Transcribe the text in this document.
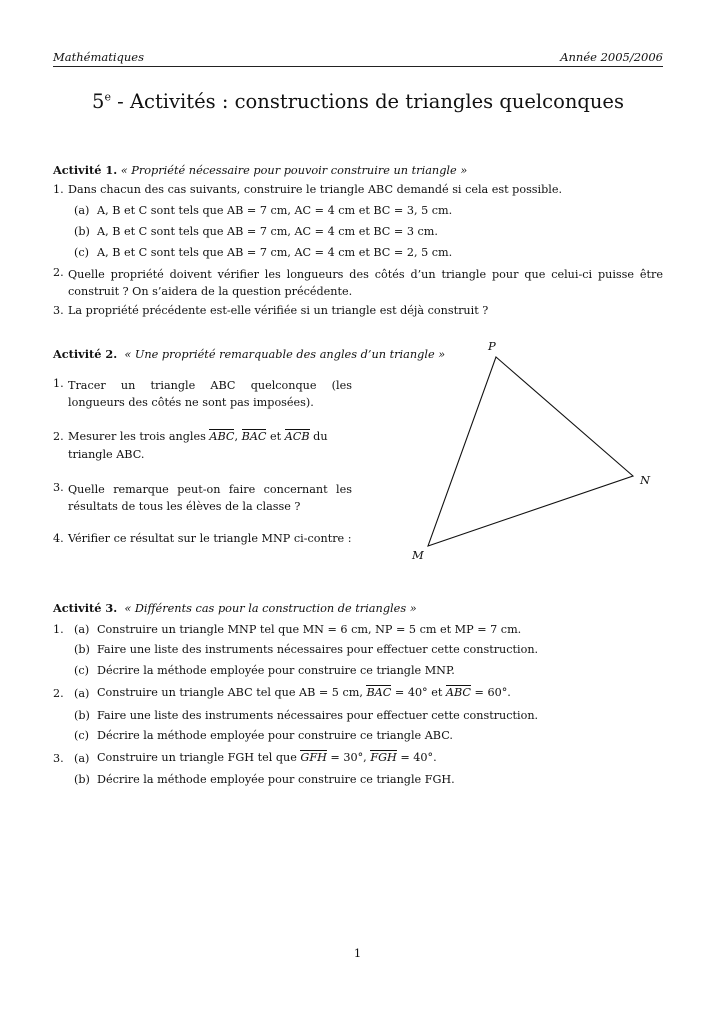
Mathématiques	Année 2005/2006
5e - Activités : constructions de triangles quelconques
Activité 1. « Propriété nécessaire pour pouvoir construire un triangle »
1. Dans chacun des cas suivants, construire le triangle ABC demandé si cela est possible.
(a) A, B et C sont tels que AB = 7 cm, AC = 4 cm et BC = 3, 5 cm.
(b) A, B et C sont tels que AB = 7 cm, AC = 4 cm et BC = 3 cm.
(c) A, B et C sont tels que AB = 7 cm, AC = 4 cm et BC = 2, 5 cm.
2. Quelle propriété doivent vérifier les longueurs des côtés d’un triangle pour que celui-ci puisse être construit ? On s’aidera de la question précédente.
3. La propriété précédente est-elle vérifiée si un triangle est déjà construit ?
Activité 2. « Une propriété remarquable des angles d’un triangle »
1. Tracer un triangle ABC quelconque (les longueurs des côtés ne sont pas imposées).
2. Mesurer les trois angles ABC, BAC et ACB du triangle ABC.
3. Quelle remarque peut-on faire concernant les résultats de tous les élèves de la classe ?
4. Vérifier ce résultat sur le triangle MNP ci-contre :
P
N
M
Activité 3. « Différents cas pour la construction de triangles »
1. (a) Construire un triangle MNP tel que MN = 6 cm, NP = 5 cm et MP = 7 cm.
(b) Faire une liste des instruments nécessaires pour effectuer cette construction.
(c) Décrire la méthode employée pour construire ce triangle MNP.
2. (a) Construire un triangle ABC tel que AB = 5 cm, BAC = 40° et ABC = 60°.
(b) Faire une liste des instruments nécessaires pour effectuer cette construction.
(c) Décrire la méthode employée pour construire ce triangle ABC.
3. (a) Construire un triangle FGH tel que GFH = 30°, FGH = 40°.
(b) Décrire la méthode employée pour construire ce triangle FGH.
1
